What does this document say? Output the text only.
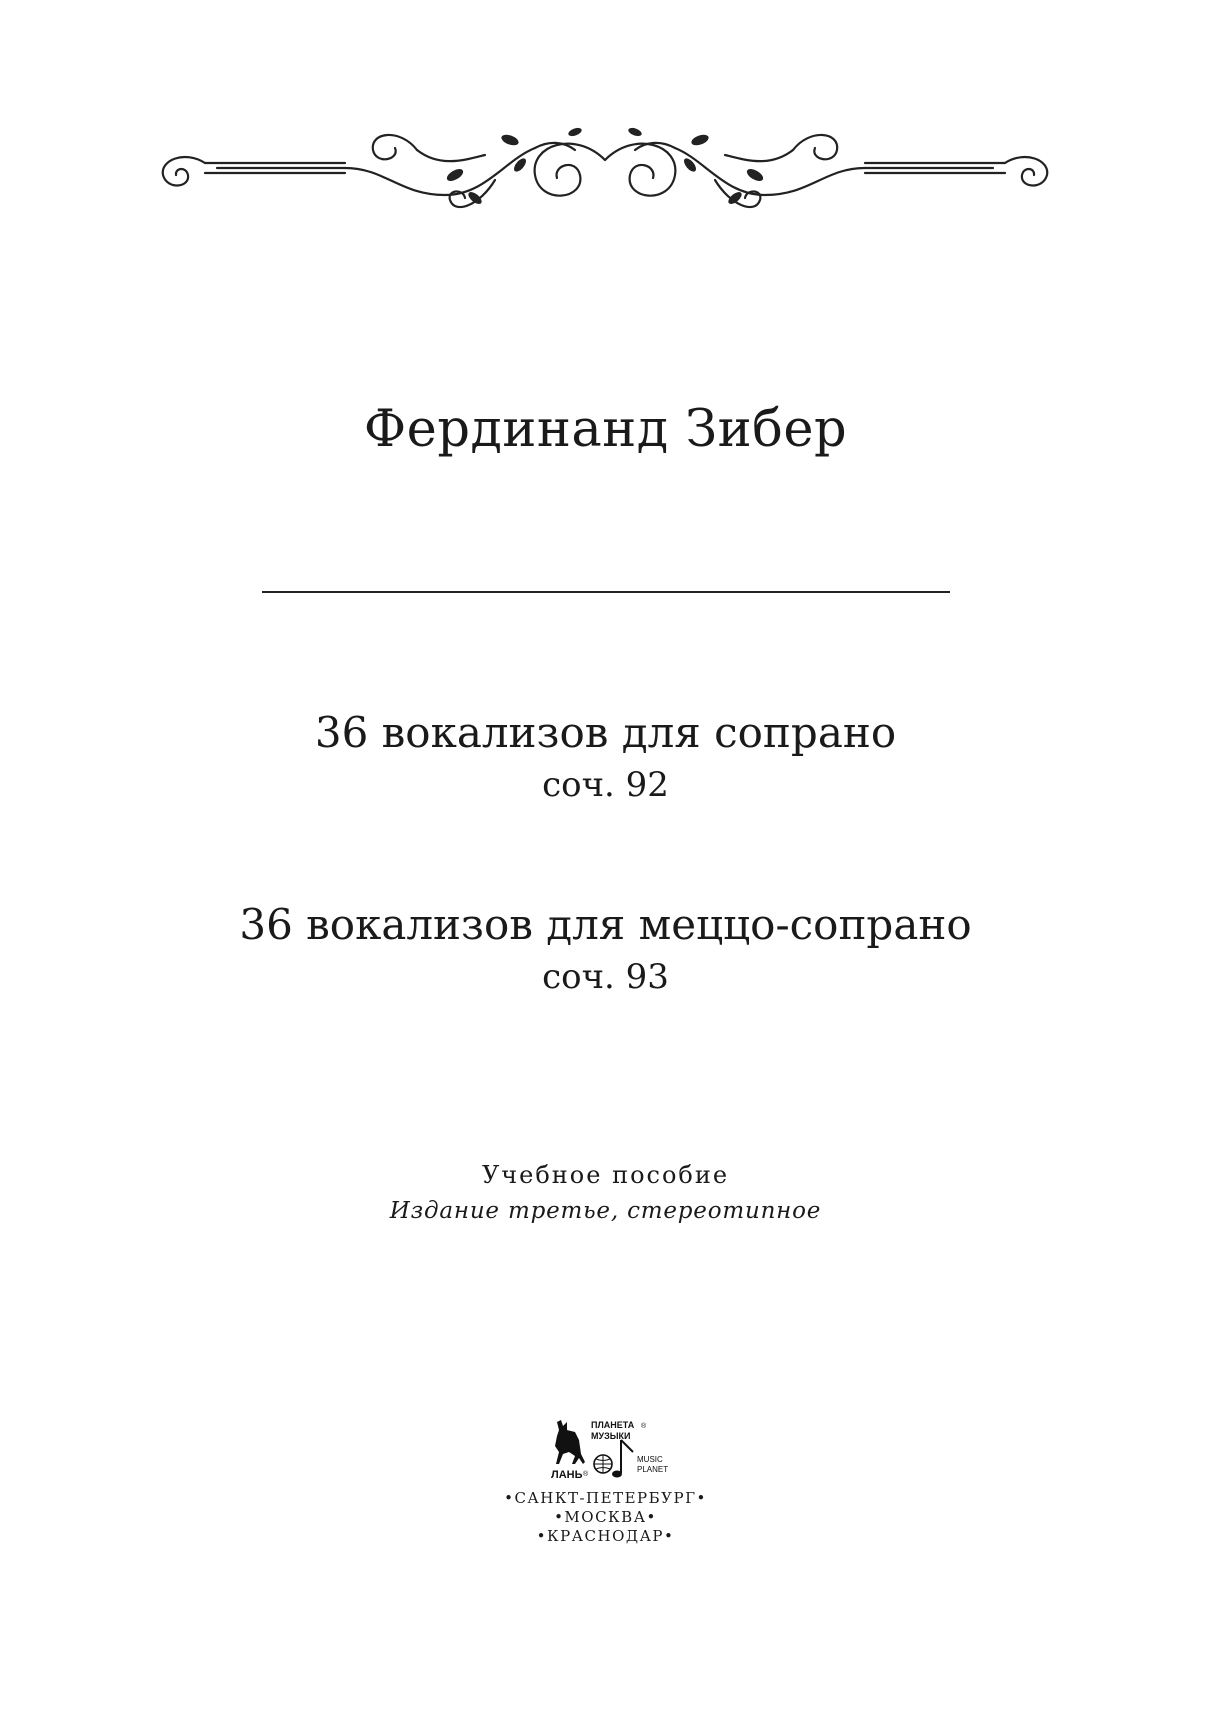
Фердинанд Зибер
36 вокализов для сопрано
соч. 92
36 вокализов для меццо-сопрано
соч. 93
Учебное пособие
Издание третье, стереотипное
ЛАНЬ ®
ПЛАНЕТА
МУЗЫКИ
®
MUSIC
PLANET
•САНКТ-ПЕТЕРБУРГ•
•МОСКВА•
•КРАСНОДАР•
